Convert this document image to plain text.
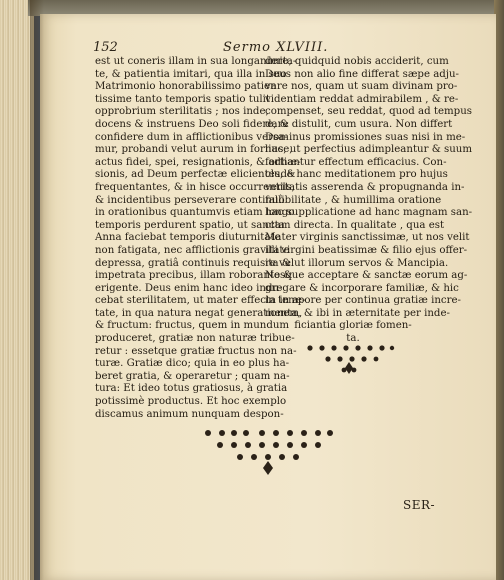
152	Sermo XLVIII.
est ut coneris illam in sua longanimita-
te, & patientia imitari, qua illa in suo
Matrimonio honorabilissimo patien
tissime tanto temporis spatio tulit
opprobrium sterilitatis ; nos inde,
docens & instruens Deo soli fidere, &
confidere dum in afflictionibus versa-
mur, probandi velut aurum in fornace,
actus fidei, spei, resignationis, & adhæ-
sionis, ad Deum perfectæ elicientes, &
frequentantes, & in hisce occurrentiis,
& incidentibus perseverare continuò
in orationibus quantumvis etiam longo
temporis perdurent spatio, ut sancta
Anna faciebat temporis diuturnitate
non fatigata, nec afflictionis gravitate
depressa, gratiâ continuis requisita &
impetrata precibus, illam roborante &
erigente. Deus enim hanc ideo indu-
cebat sterilitatem, ut mater effecta in æ-
tate, in qua natura negat generationem,
& fructum: fructus, quem in mundum
produceret, gratiæ non naturæ tribue-
retur : essetque gratiæ fructus non na-
turæ. Gratiæ dico; quia in eo plus ha-
beret gratia, & operaretur ; quam na-
tura: Et ideo totus gratiosus, à gratia
potissimè productus. Et hoc exemplo
discamus animum nunquam despon-
dere, quidquid nobis acciderit, cum
Deus non alio fine differat sæpe adju-
vare nos, quam ut suam divinam pro-
videntiam reddat admirabilem , & re-
compenset, seu reddat, quod ad tempus
dare distulit, cum usura. Non differt
Dominus promissiones suas nisi in me-
lius, ut perfectius adimpleantur & suum
fortiantur effectum efficacius. Con-
clude hanc meditationem pro hujus
veritatis asserenda & propugnanda in-
fallibilitate , & humillima oratione
hac supplicatione ad hanc magnam san-
ctam directa. In qualitate , qua est
Mater virginis sanctissimæ, ut nos velit
illi virgini beatissimæ & filio ejus offer-
re velut illorum servos & Mancipia.
Nosque acceptare & sanctæ eorum ag-
gregare & incorporare familiæ, & hic
in tempore per continua gratiæ incre-
menta, & ibi in æternitate per inde-
ficiantia gloriæ fomen-
ta.
SER-
